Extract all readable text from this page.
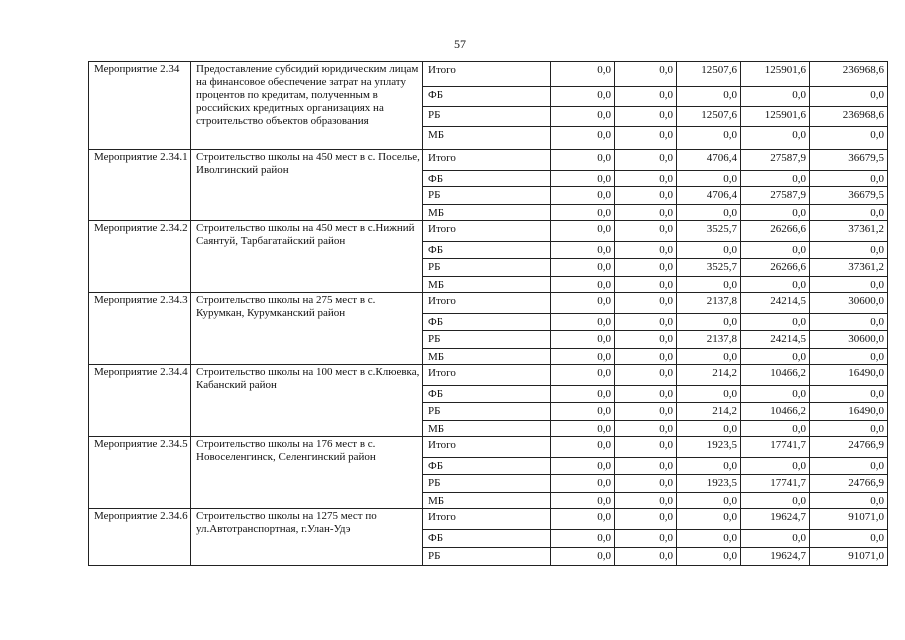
57
Мероприятие 2.34	Предоставление субсидий юридическим лицам на финансовое обеспечение затрат на уплату процентов по кредитам, полученным в российских кредитных организациях на строительство объектов образования	Итого	0,0	0,0	12507,6	125901,6	236968,6
		ФБ	0,0	0,0	0,0	0,0	0,0
		РБ	0,0	0,0	12507,6	125901,6	236968,6
		МБ	0,0	0,0	0,0	0,0	0,0
Мероприятие 2.34.1	Строительство школы на 450 мест в с. Поселье, Иволгинский район	Итого	0,0	0,0	4706,4	27587,9	36679,5
		ФБ	0,0	0,0	0,0	0,0	0,0
		РБ	0,0	0,0	4706,4	27587,9	36679,5
		МБ	0,0	0,0	0,0	0,0	0,0
Мероприятие 2.34.2	Строительство школы на 450 мест в с.Нижний Саянтуй, Тарбагатайский район	Итого	0,0	0,0	3525,7	26266,6	37361,2
		ФБ	0,0	0,0	0,0	0,0	0,0
		РБ	0,0	0,0	3525,7	26266,6	37361,2
		МБ	0,0	0,0	0,0	0,0	0,0
Мероприятие 2.34.3	Строительство школы на 275 мест в с. Курумкан, Курумканский район	Итого	0,0	0,0	2137,8	24214,5	30600,0
		ФБ	0,0	0,0	0,0	0,0	0,0
		РБ	0,0	0,0	2137,8	24214,5	30600,0
		МБ	0,0	0,0	0,0	0,0	0,0
Мероприятие 2.34.4	Строительство школы на 100 мест в с.Клюевка, Кабанский район	Итого	0,0	0,0	214,2	10466,2	16490,0
		ФБ	0,0	0,0	0,0	0,0	0,0
		РБ	0,0	0,0	214,2	10466,2	16490,0
		МБ	0,0	0,0	0,0	0,0	0,0
Мероприятие 2.34.5	Строительство школы на 176 мест в с. Новоселенгинск, Селенгинский район	Итого	0,0	0,0	1923,5	17741,7	24766,9
		ФБ	0,0	0,0	0,0	0,0	0,0
		РБ	0,0	0,0	1923,5	17741,7	24766,9
		МБ	0,0	0,0	0,0	0,0	0,0
Мероприятие 2.34.6	Строительство школы на 1275 мест по ул.Автотранспортная, г.Улан-Удэ	Итого	0,0	0,0	0,0	19624,7	91071,0
		ФБ	0,0	0,0	0,0	0,0	0,0
		РБ	0,0	0,0	0,0	19624,7	91071,0
